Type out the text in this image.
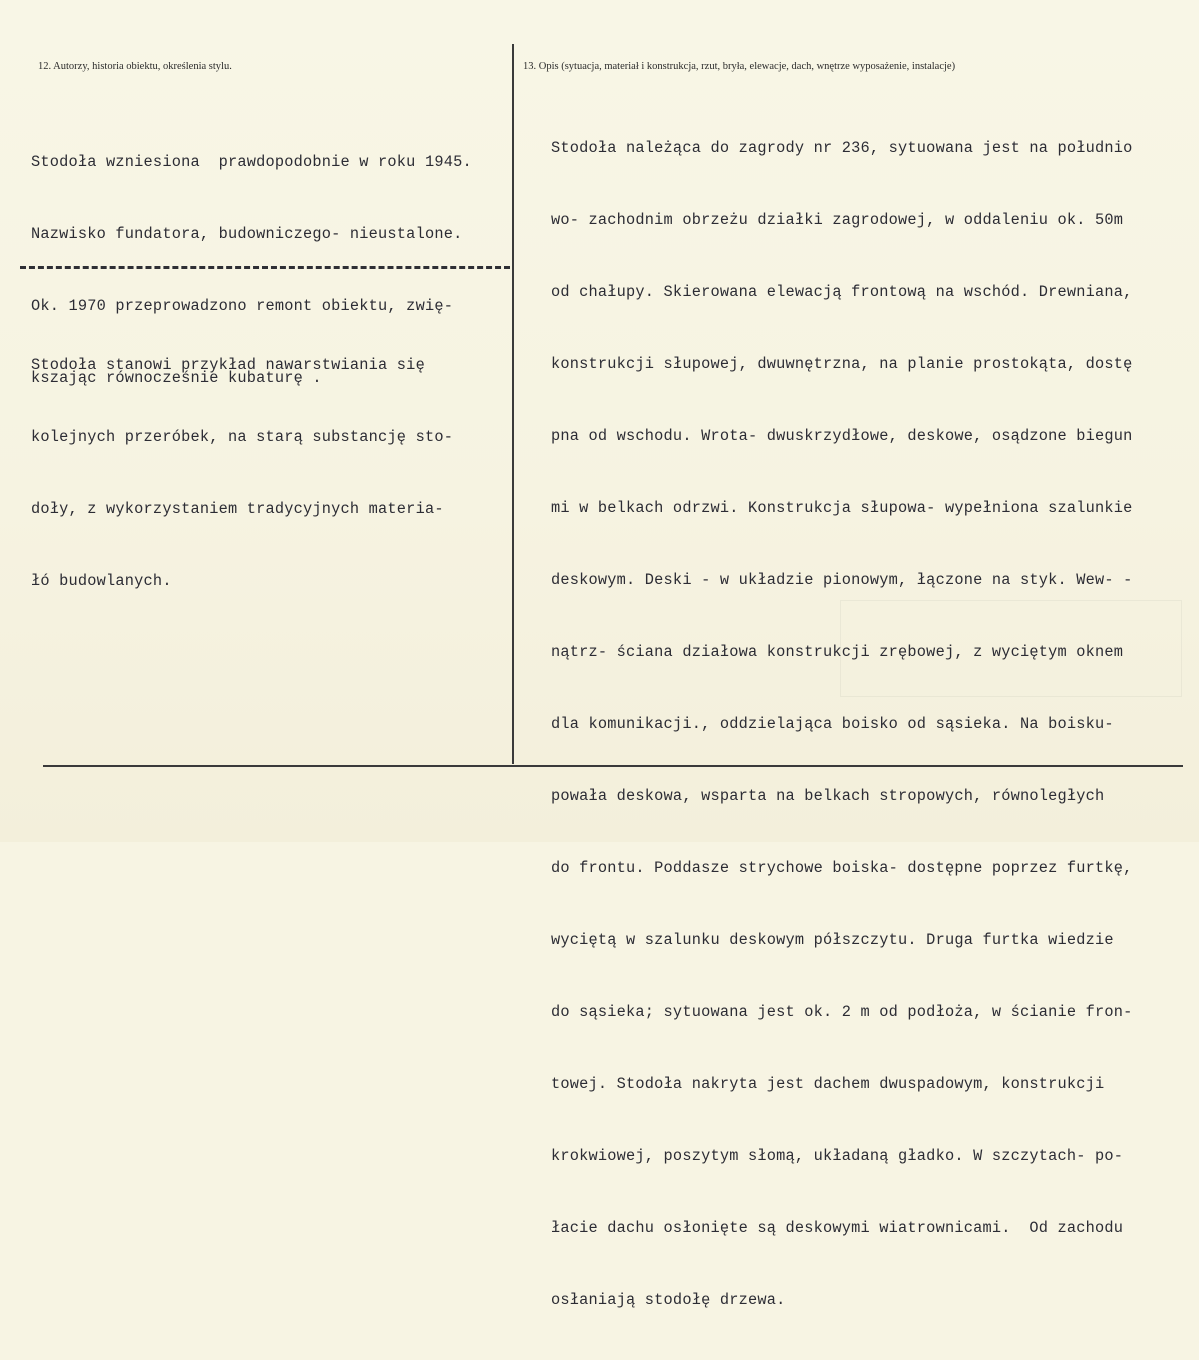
12. Autorzy, historia obiektu, określenia stylu.	13. Opis (sytuacja, materiał i konstrukcja, rzut, bryła, elewacje, dach, wnętrze wyposażenie, instalacje)

Stodoła wzniesiona  prawdopodobnie w roku 1945.

Nazwisko fundatora, budowniczego- nieustalone.

Ok. 1970 przeprowadzono remont obiektu, zwię-

kszając równocześnie kubaturę .

Stodoła stanowi przykład nawarstwiania się

kolejnych przeróbek, na starą substancję sto-

doły, z wykorzystaniem tradycyjnych materia-

łó budowlanych.

Stodoła należąca do zagrody nr 236, sytuowana jest na południo

wo- zachodnim obrzeżu działki zagrodowej, w oddaleniu ok. 50m

od chałupy. Skierowana elewacją frontową na wschód. Drewniana,

konstrukcji słupowej, dwuwnętrzna, na planie prostokąta, dostę

pna od wschodu. Wrota- dwuskrzydłowe, deskowe, osądzone biegun

mi w belkach odrzwi. Konstrukcja słupowa- wypełniona szalunkie

deskowym. Deski - w układzie pionowym, łączone na styk. Wew- -

nątrz- ściana działowa konstrukcji zrębowej, z wyciętym oknem

dla komunikacji., oddzielająca boisko od sąsieka. Na boisku-

powała deskowa, wsparta na belkach stropowych, równoległych

do frontu. Poddasze strychowe boiska- dostępne poprzez furtkę,

wyciętą w szalunku deskowym półszczytu. Druga furtka wiedzie

do sąsieka; sytuowana jest ok. 2 m od podłoża, w ścianie fron-

towej. Stodoła nakryta jest dachem dwuspadowym, konstrukcji

krokwiowej, poszytym słomą, układaną gładko. W szczytach- po-

łacie dachu osłonięte są deskowymi wiatrownicami.  Od zachodu

osłaniają stodołę drzewa.
